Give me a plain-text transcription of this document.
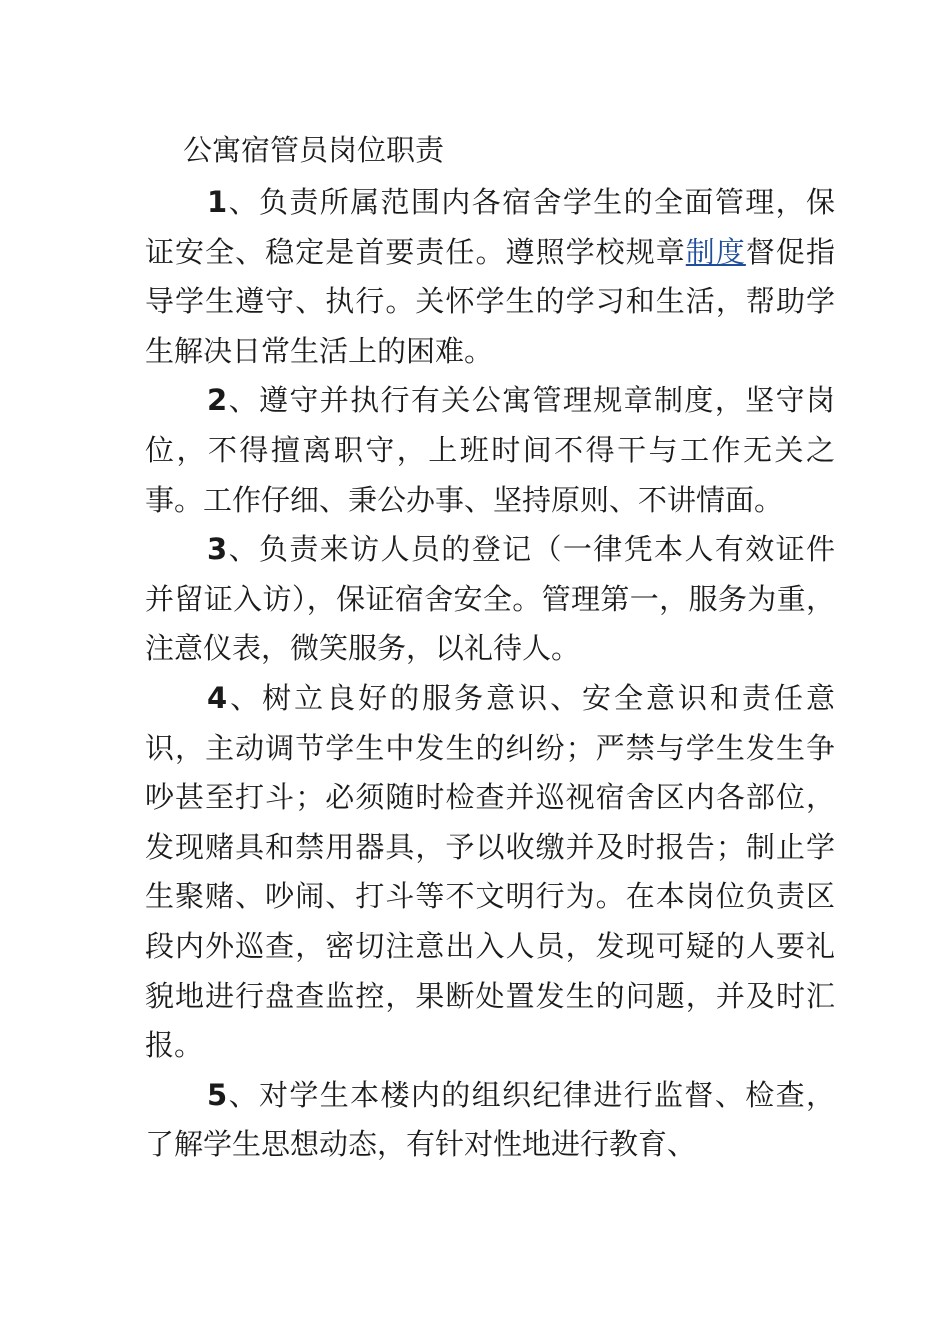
公寓宿管员岗位职责

1、负责所属范围内各宿舍学生的全面管理，保证安全、稳定是首要责任。遵照学校规章制度督促指导学生遵守、执行。关怀学生的学习和生活，帮助学生解决日常生活上的困难。

2、遵守并执行有关公寓管理规章制度，坚守岗位，不得擅离职守，上班时间不得干与工作无关之事。工作仔细、秉公办事、坚持原则、不讲情面。

3、负责来访人员的登记（一律凭本人有效证件并留证入访），保证宿舍安全。管理第一，服务为重，注意仪表，微笑服务，以礼待人。

4、树立良好的服务意识、安全意识和责任意识，主动调节学生中发生的纠纷；严禁与学生发生争吵甚至打斗；必须随时检查并巡视宿舍区内各部位，发现赌具和禁用器具，予以收缴并及时报告；制止学生聚赌、吵闹、打斗等不文明行为。在本岗位负责区段内外巡查，密切注意出入人员，发现可疑的人要礼貌地进行盘查监控，果断处置发生的问题，并及时汇报。

5、对学生本楼内的组织纪律进行监督、检查，了解学生思想动态，有针对性地进行教育、
